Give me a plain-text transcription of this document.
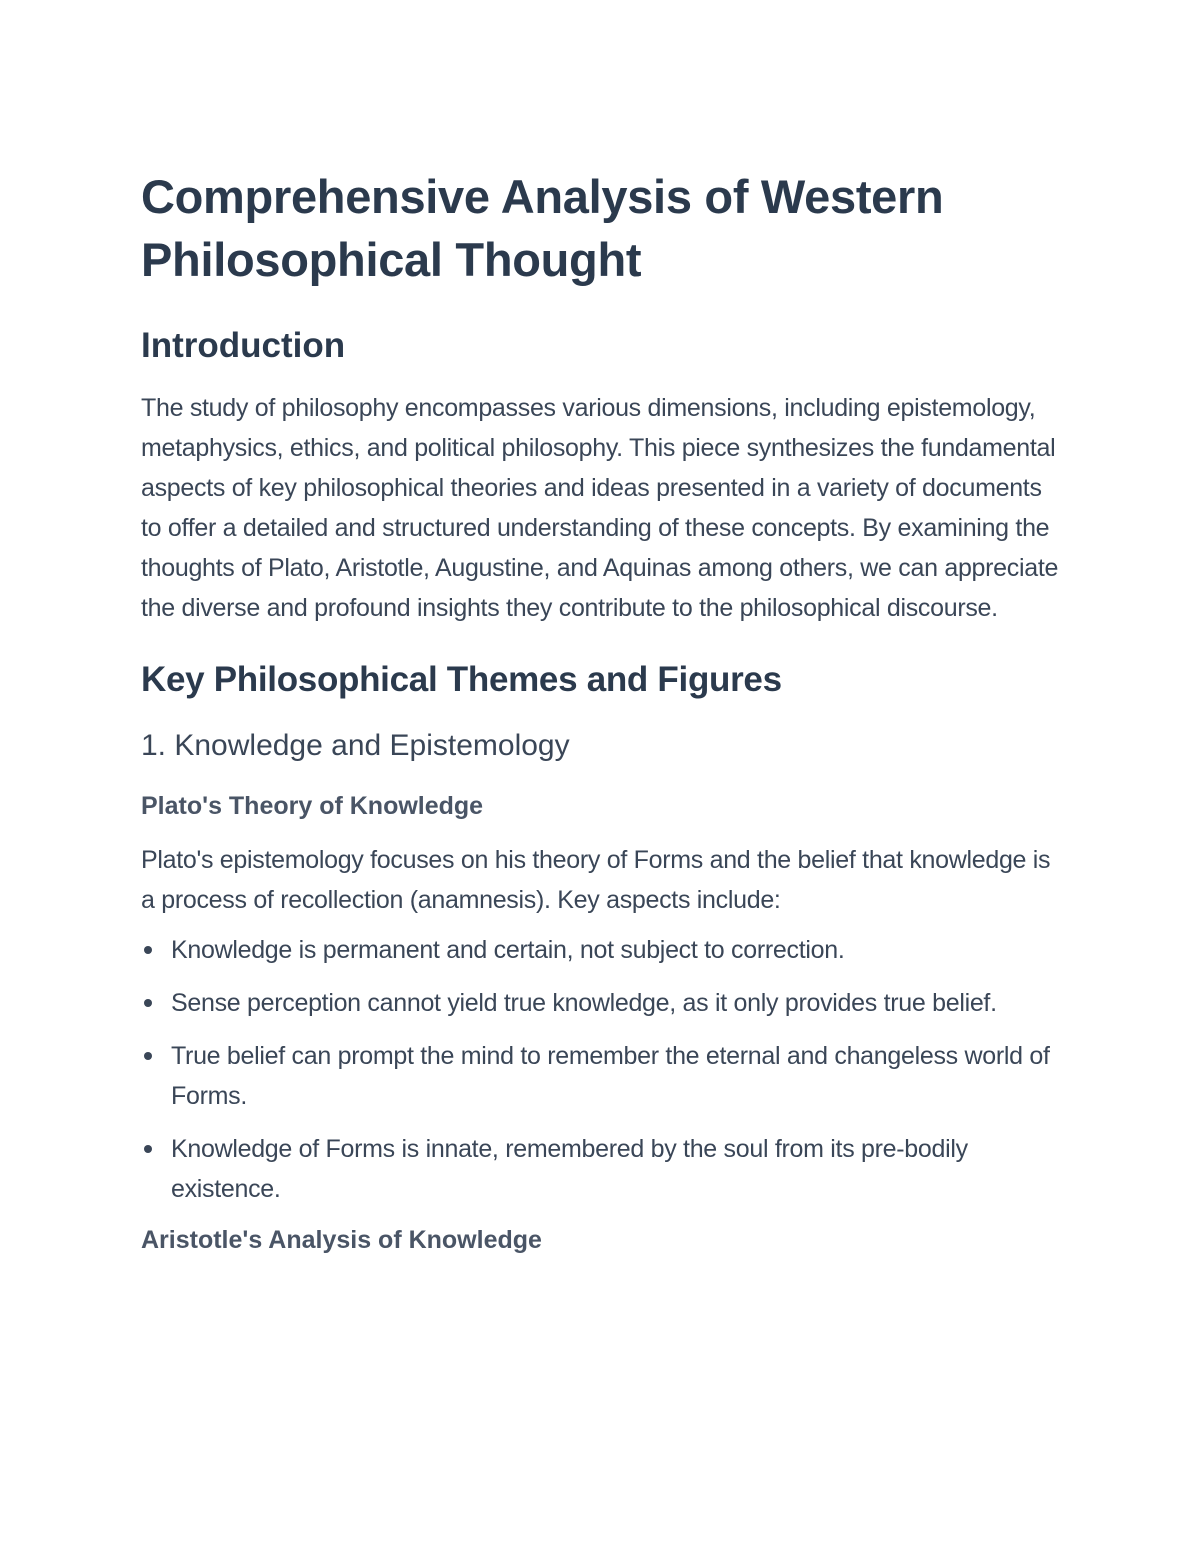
Comprehensive Analysis of Western Philosophical Thought
Introduction

The study of philosophy encompasses various dimensions, including epistemology, metaphysics, ethics, and political philosophy. This piece synthesizes the fundamental aspects of key philosophical theories and ideas presented in a variety of documents to offer a detailed and structured understanding of these concepts. By examining the thoughts of Plato, Aristotle, Augustine, and Aquinas among others, we can appreciate the diverse and profound insights they contribute to the philosophical discourse.

Key Philosophical Themes and Figures
1. Knowledge and Epistemology
Plato's Theory of Knowledge

Plato's epistemology focuses on his theory of Forms and the belief that knowledge is a process of recollection (anamnesis). Key aspects include:

Knowledge is permanent and certain, not subject to correction.
Sense perception cannot yield true knowledge, as it only provides true belief.
True belief can prompt the mind to remember the eternal and changeless world of Forms.
Knowledge of Forms is innate, remembered by the soul from its pre-bodily existence.
Aristotle's Analysis of Knowledge
